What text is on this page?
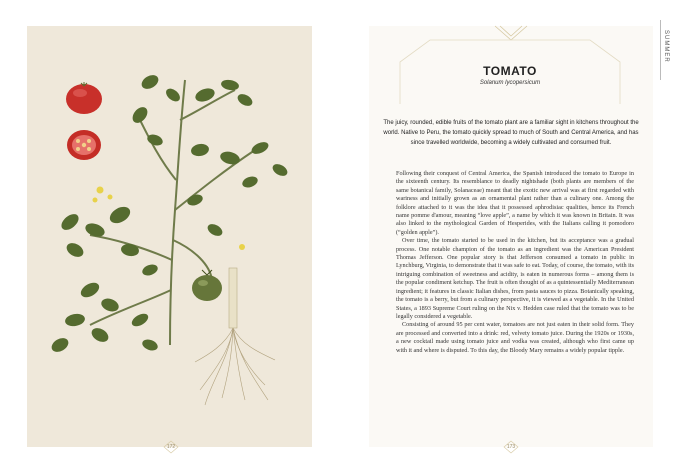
172
SUMMER
TOMATO
Solanum lycopersicum
The juicy, rounded, edible fruits of the tomato plant are a familiar sight in kitchens throughout the world. Native to Peru, the tomato quickly spread to much of South and Central America, and has since travelled worldwide, becoming a widely cultivated and consumed fruit.

Following their conquest of Central America, the Spanish introduced the tomato to Europe in the sixteenth century. Its resemblance to deadly nightshade (both plants are members of the same botanical family, Solanaceae) meant that the exotic new arrival was at first regarded with wariness and initially grown as an ornamental plant rather than a culinary one. Among the folklore attached to it was the idea that it possessed aphrodisiac qualities, hence its French name pomme d'amour, meaning “love apple”, a name by which it was known in Britain. It was also linked to the mythological Garden of Hesperides, with the Italians calling it pomodoro (“golden apple”).

Over time, the tomato started to be used in the kitchen, but its acceptance was a gradual process. One notable champion of the tomato as an ingredient was the American President Thomas Jefferson. One popular story is that Jefferson consumed a tomato in public in Lynchburg, Virginia, to demonstrate that it was safe to eat. Today, of course, the tomato, with its intriguing combination of sweetness and acidity, is eaten in numerous forms – among them is the popular condiment ketchup. The fruit is often thought of as a quintessentially Mediterranean ingredient; it features in classic Italian dishes, from pasta sauces to pizza. Botanically speaking, the tomato is a berry, but from a culinary perspective, it is viewed as a vegetable. In the United States, a 1893 Supreme Court ruling on the Nix v. Hedden case ruled that the tomato was to be legally considered a vegetable.

Consisting of around 95 per cent water, tomatoes are not just eaten in their solid form. They are processed and converted into a drink: red, velvety tomato juice. During the 1920s or 1930s, a new cocktail made using tomato juice and vodka was created, although who first came up with it and where is disputed. To this day, the Bloody Mary remains a widely popular tipple.

173
